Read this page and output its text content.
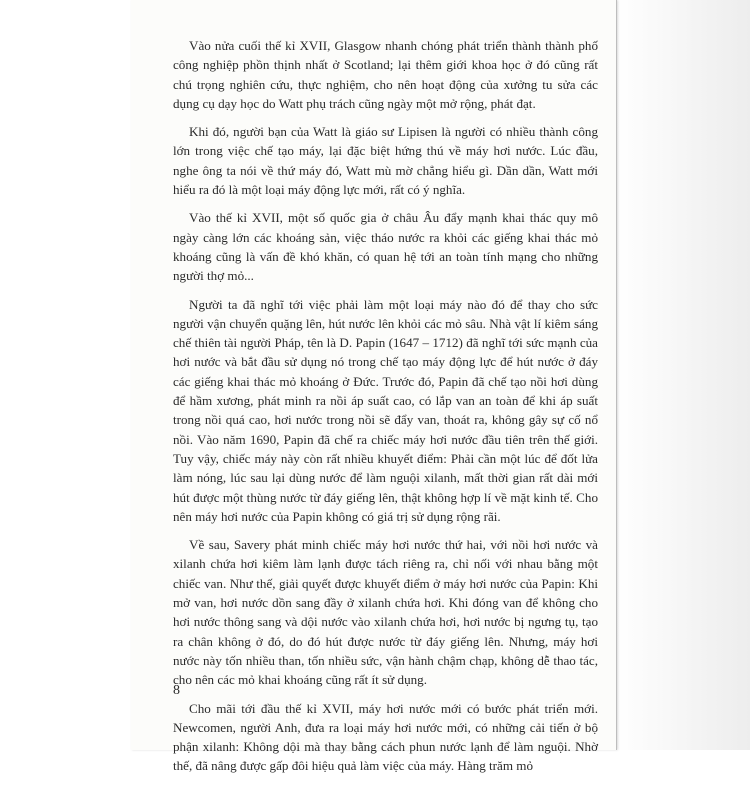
Vào nửa cuối thế kỉ XVII, Glasgow nhanh chóng phát triển thành thành phố công nghiệp phồn thịnh nhất ở Scotland; lại thêm giới khoa học ở đó cũng rất chú trọng nghiên cứu, thực nghiệm, cho nên hoạt động của xưởng tu sửa các dụng cụ dạy học do Watt phụ trách cũng ngày một mở rộng, phát đạt.

Khi đó, người bạn của Watt là giáo sư Lipisen là người có nhiều thành công lớn trong việc chế tạo máy, lại đặc biệt hứng thú về máy hơi nước. Lúc đầu, nghe ông ta nói về thứ máy đó, Watt mù mờ chẳng hiểu gì. Dần dần, Watt mới hiểu ra đó là một loại máy động lực mới, rất có ý nghĩa.

Vào thế kỉ XVII, một số quốc gia ở châu Âu đẩy mạnh khai thác quy mô ngày càng lớn các khoáng sản, việc tháo nước ra khỏi các giếng khai thác mỏ khoáng cũng là vấn đề khó khăn, có quan hệ tới an toàn tính mạng cho những người thợ mỏ...

Người ta đã nghĩ tới việc phải làm một loại máy nào đó để thay cho sức người vận chuyển quặng lên, hút nước lên khỏi các mỏ sâu. Nhà vật lí kiêm sáng chế thiên tài người Pháp, tên là D. Papin (1647 – 1712) đã nghĩ tới sức mạnh của hơi nước và bắt đầu sử dụng nó trong chế tạo máy động lực để hút nước ở đáy các giếng khai thác mỏ khoáng ở Đức. Trước đó, Papin đã chế tạo nồi hơi dùng để hầm xương, phát minh ra nồi áp suất cao, có lắp van an toàn để khi áp suất trong nồi quá cao, hơi nước trong nồi sẽ đẩy van, thoát ra, không gây sự cố nổ nồi. Vào năm 1690, Papin đã chế ra chiếc máy hơi nước đầu tiên trên thế giới. Tuy vậy, chiếc máy này còn rất nhiều khuyết điểm: Phải cần một lúc để đốt lửa làm nóng, lúc sau lại dùng nước để làm nguội xilanh, mất thời gian rất dài mới hút được một thùng nước từ đáy giếng lên, thật không hợp lí về mặt kinh tế. Cho nên máy hơi nước của Papin không có giá trị sử dụng rộng rãi.

Về sau, Savery phát minh chiếc máy hơi nước thứ hai, với nồi hơi nước và xilanh chứa hơi kiêm làm lạnh được tách riêng ra, chỉ nối với nhau bằng một chiếc van. Như thế, giải quyết được khuyết điểm ở máy hơi nước của Papin: Khi mở van, hơi nước dồn sang đầy ở xilanh chứa hơi. Khi đóng van để không cho hơi nước thông sang và dội nước vào xilanh chứa hơi, hơi nước bị ngưng tụ, tạo ra chân không ở đó, do đó hút được nước từ đáy giếng lên. Nhưng, máy hơi nước này tốn nhiều than, tốn nhiều sức, vận hành chậm chạp, không dễ thao tác, cho nên các mỏ khai khoáng cũng rất ít sử dụng.

Cho mãi tới đầu thế kỉ XVII, máy hơi nước mới có bước phát triển mới. Newcomen, người Anh, đưa ra loại máy hơi nước mới, có những cải tiến ở bộ phận xilanh: Không dội mà thay bằng cách phun nước lạnh để làm nguội. Nhờ thế, đã nâng được gấp đôi hiệu quả làm việc của máy. Hàng trăm mỏ

8
